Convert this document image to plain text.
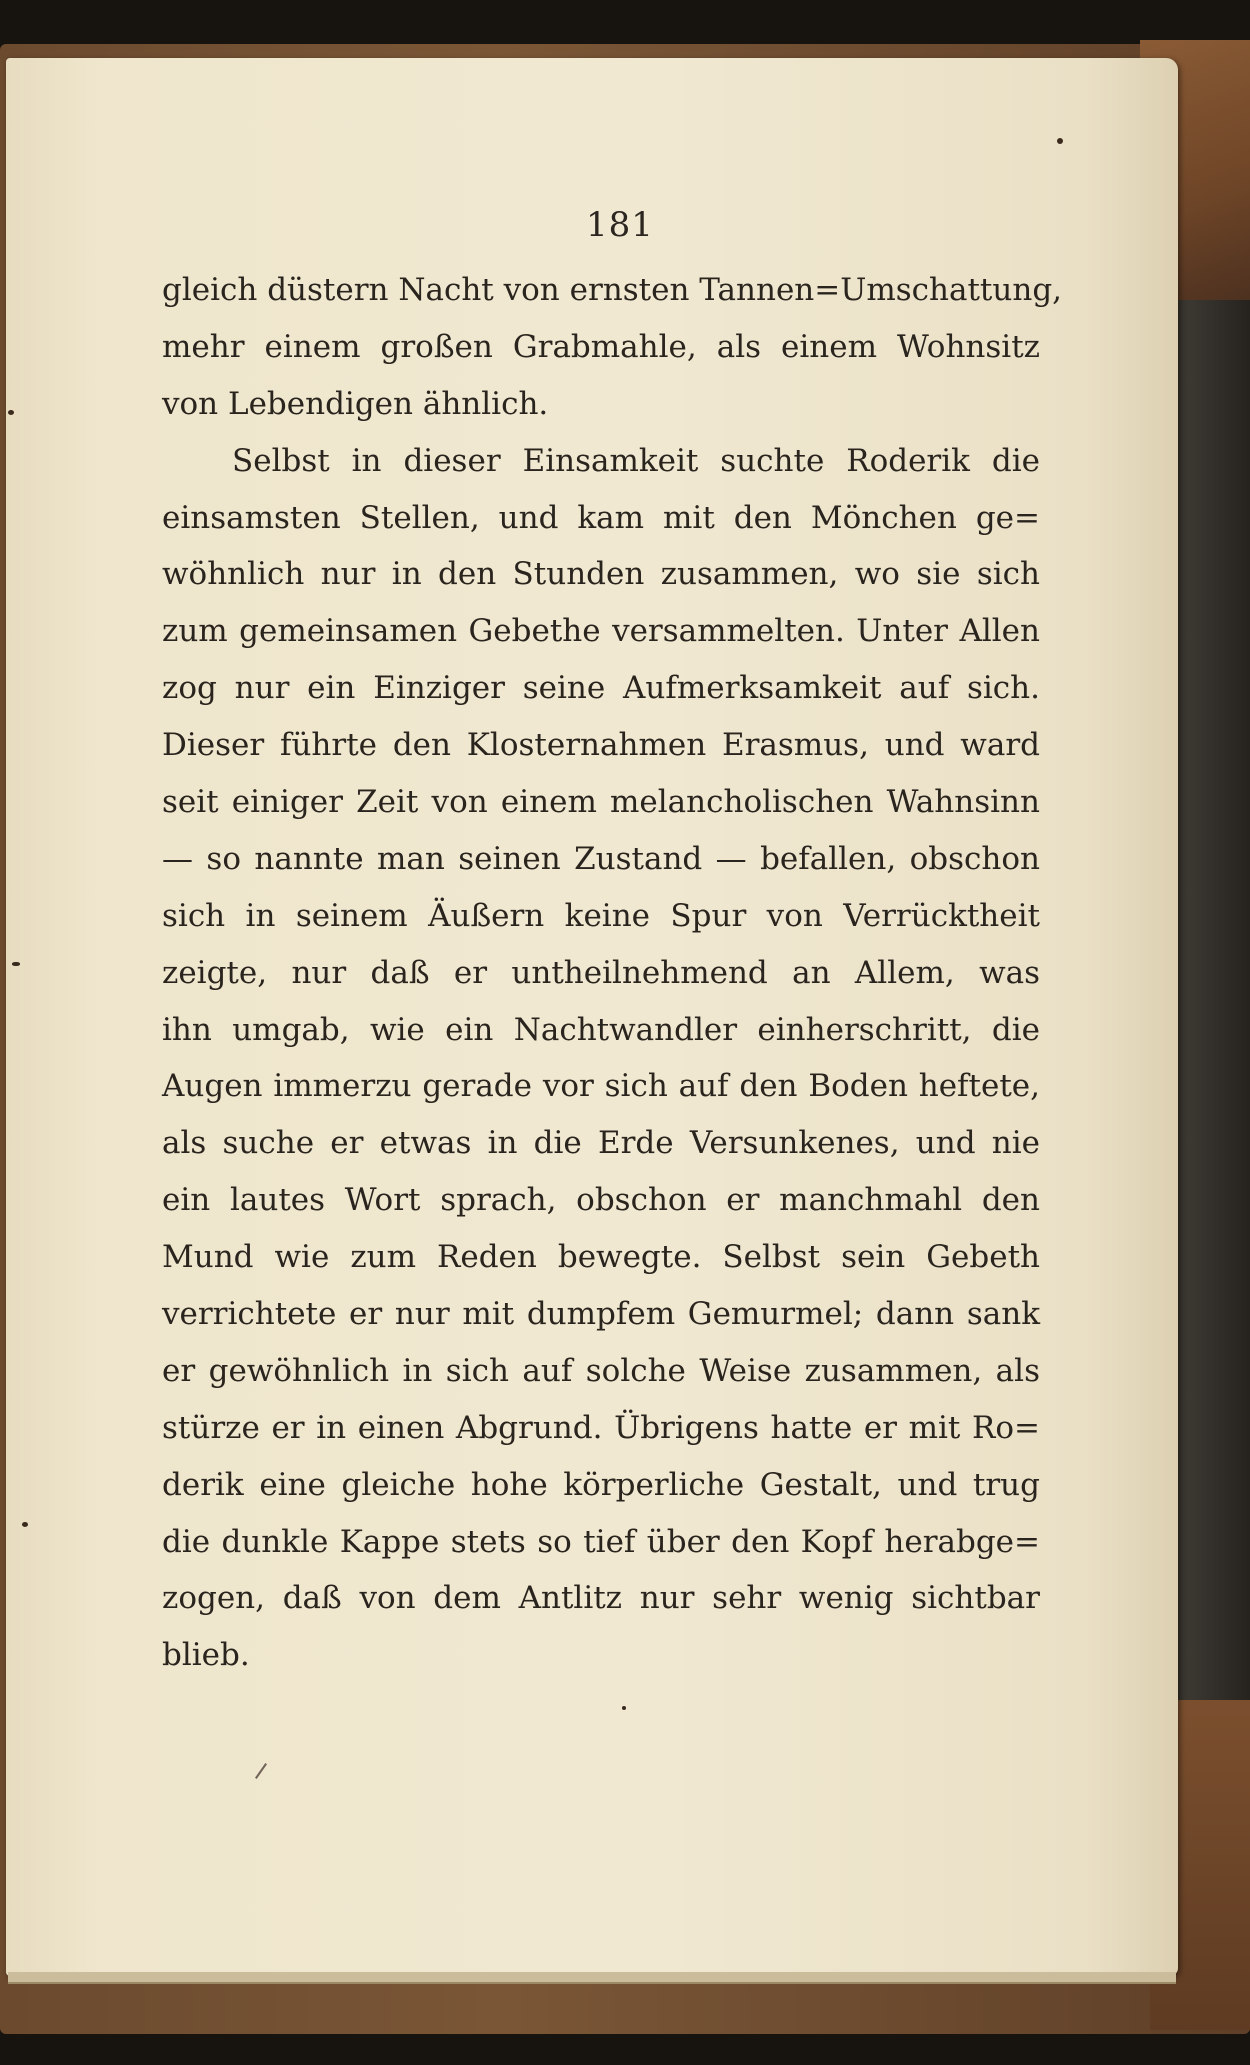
181
gleich düstern Nacht von ernsten Tannen=Umschattung,
mehr einem großen Grabmahle, als einem Wohnsitz
von Lebendigen ähnlich.
Selbst in dieser Einsamkeit suchte Roderik die
einsamsten Stellen, und kam mit den Mönchen ge=
wöhnlich nur in den Stunden zusammen, wo sie sich
zum gemeinsamen Gebethe versammelten. Unter Allen
zog nur ein Einziger seine Aufmerksamkeit auf sich.
Dieser führte den Klosternahmen Erasmus, und ward
seit einiger Zeit von einem melancholischen Wahnsinn
— so nannte man seinen Zustand — befallen, obschon
sich in seinem Äußern keine Spur von Verrücktheit
zeigte, nur daß er untheilnehmend an Allem, was
ihn umgab, wie ein Nachtwandler einherschritt, die
Augen immerzu gerade vor sich auf den Boden heftete,
als suche er etwas in die Erde Versunkenes, und nie
ein lautes Wort sprach, obschon er manchmahl den
Mund wie zum Reden bewegte. Selbst sein Gebeth
verrichtete er nur mit dumpfem Gemurmel; dann sank
er gewöhnlich in sich auf solche Weise zusammen, als
stürze er in einen Abgrund. Übrigens hatte er mit Ro=
derik eine gleiche hohe körperliche Gestalt, und trug
die dunkle Kappe stets so tief über den Kopf herabge=
zogen, daß von dem Antlitz nur sehr wenig sichtbar
blieb.
